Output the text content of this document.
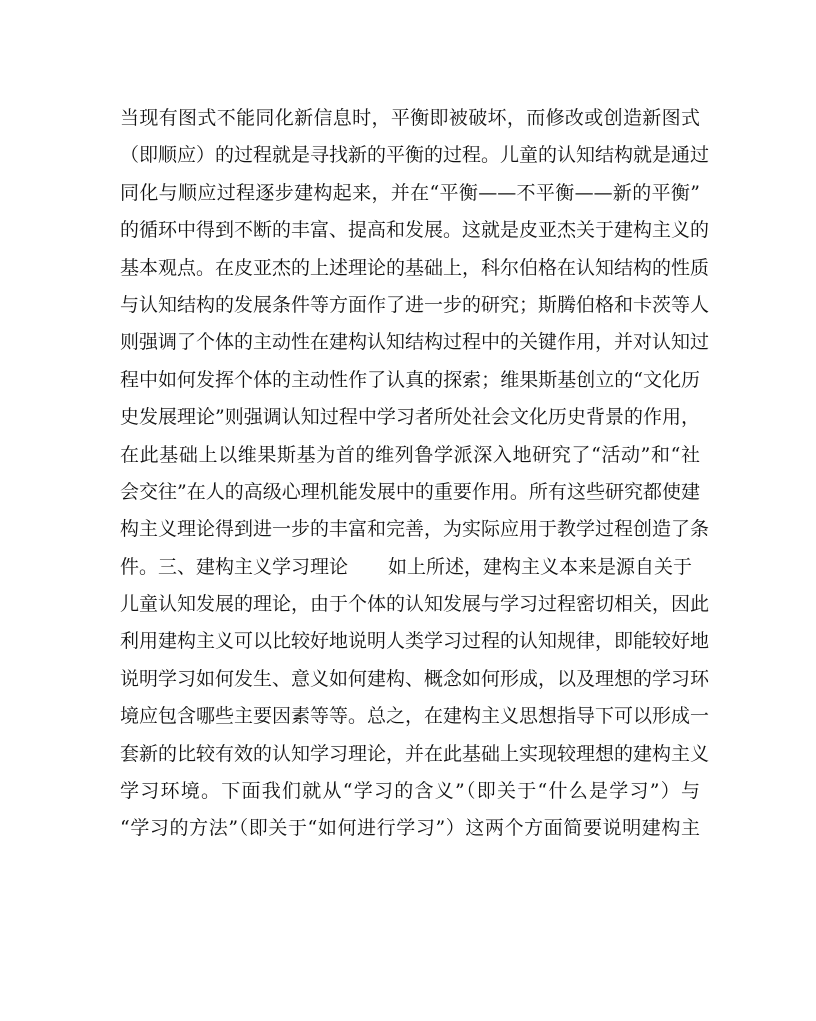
当现有图式不能同化新信息时，平衡即被破坏，而修改或创造新图式
（即顺应）的过程就是寻找新的平衡的过程。儿童的认知结构就是通过
同化与顺应过程逐步建构起来，并在“平衡——不平衡——新的平衡”
的循环中得到不断的丰富、提高和发展。这就是皮亚杰关于建构主义的
基本观点。在皮亚杰的上述理论的基础上，科尔伯格在认知结构的性质
与认知结构的发展条件等方面作了进一步的研究；斯腾伯格和卡茨等人
则强调了个体的主动性在建构认知结构过程中的关键作用，并对认知过
程中如何发挥个体的主动性作了认真的探索；维果斯基创立的“文化历
史发展理论”则强调认知过程中学习者所处社会文化历史背景的作用，
在此基础上以维果斯基为首的维列鲁学派深入地研究了“活动”和“社
会交往”在人的高级心理机能发展中的重要作用。所有这些研究都使建
构主义理论得到进一步的丰富和完善，为实际应用于教学过程创造了条
件。三、建构主义学习理论 如上所述，建构主义本来是源自关于
儿童认知发展的理论，由于个体的认知发展与学习过程密切相关，因此
利用建构主义可以比较好地说明人类学习过程的认知规律，即能较好地
说明学习如何发生、意义如何建构、概念如何形成，以及理想的学习环
境应包含哪些主要因素等等。总之，在建构主义思想指导下可以形成一
套新的比较有效的认知学习理论，并在此基础上实现较理想的建构主义
学习环境。下面我们就从“学习的含义”（即关于“什么是学习”）与
“学习的方法”（即关于“如何进行学习”）这两个方面简要说明建构主
